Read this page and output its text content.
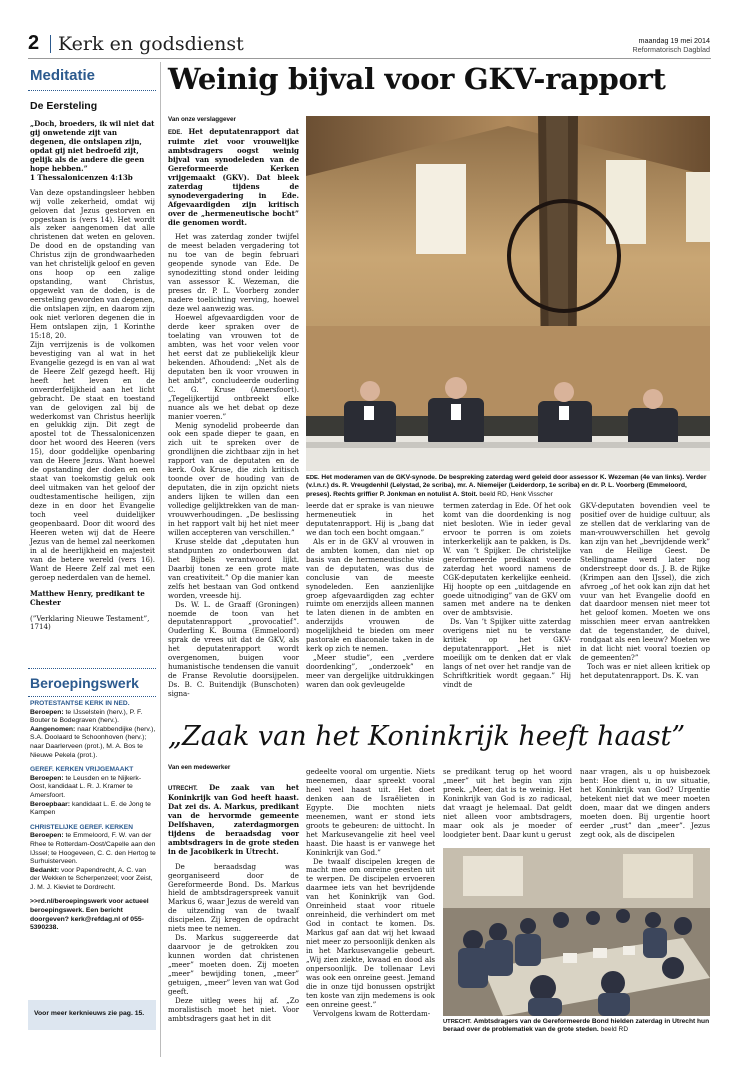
2 Kerk en godsdienst	maandag 19 mei 2014
Reformatorisch Dagblad
Meditatie
De Eersteling

„Doch, broeders, ik wil niet dat gij onwetende zijt van degenen, die ontslapen zijn, opdat gij niet bedroefd zijt, gelijk als de andere die geen hope hebben.”

1 Thessalonicenzen 4:13b

Van deze opstandingsleer hebben wij volle zekerheid, omdat wij geloven dat Jezus gestorven en opgestaan is (vers 14). Het wordt als zeker aangenomen dat alle christenen dat weten en geloven. De dood en de opstanding van Christus zijn de grondwaarheden van het christelijk geloof en geven ons hoop op een zalige opstanding, want Christus, opgewekt van de doden, is de eersteling geworden van degenen, die ontslapen zijn, en daarom zijn ook niet verloren degenen die in Hem ontslapen zijn, 1 Korinthe 15:18, 20.

Zijn verrijzenis is de volkomen bevestiging van al wat in het Evangelie gezegd is en van al wat de Heere Zelf gezegd heeft. Hij heeft het leven en de onverderfelijkheid aan het licht gebracht. De staat en toestand van de gelovigen zal bij de wederkomst van Christus heerlijk en gelukkig zijn. Dit zegt de apostel tot de Thessalonicenzen door het woord des Heeren (vers 15), door goddelijke openbaring van de Heere Jezus. Want hoewel de opstanding der doden en een staat van toekomstig geluk ook deel uitmaken van het geloof der oudtestamentische heiligen, zijn deze in en door het Evangelie toch veel duidelijker geopenbaard. Door dit woord des Heeren weten wij dat de Heere Jezus van de hemel zal neerkomen in al de heerlijkheid en majesteit van de betere wereld (vers 16). Want de Heere Zelf zal met een geroep nederdalen van de hemel.

Matthew Henry, predikant te Chester

(”Verklaring Nieuwe Testament”, 1714)

Beroepingswerk
PROTESTANTSE KERK IN NED.
Beroepen: te IJsselstein (herv.), P. F. Bouter te Bodegraven (herv.).
Aangenomen: naar Krabbendijke (herv.), S.A. Doolaard te Schoonhoven (herv.); naar Daarlerveen (prot.), M. A. Bos te Nieuwe Pekela (prot.).
GEREF. KERKEN VRIJGEMAAKT
Beroepen: te Leusden en te Nijkerk-Oost, kandidaat L. R. J. Kramer te Amersfoort.
Beroepbaar: kandidaat L. E. de Jong te Kampen
CHRISTELIJKE GEREF. KERKEN
Beroepen: te Emmeloord, F. W. van der Rhee te Rotterdam-Oost/Capelle aan den IJssel; te Hoogeveen, C. C. den Hertog te Surhuisterveen.
Bedankt: voor Papendrecht, A. C. van der Wekken te Scherpenzeel; voor Zeist, J. M. J. Kieviet te Dordrecht.
>>rd.nl/beroepingswerk voor actueel beroepingswerk. Een bericht doorgeven? kerk@refdag.nl of 055-5390238.
Voor meer kerknieuws zie pag. 15.
Weinig bijval voor GKV-rapport
Van onze verslaggever

EDE. Het deputatenrapport dat ruimte ziet voor vrouwelijke ambtsdragers oogst weinig bijval van synodeleden van de Gereformeerde Kerken vrijgemaakt (GKV). Dat bleek zaterdag tijdens de synodevergadering in Ede. Afgevaardigden zijn kritisch over de „hermeneutische bocht” die genomen wordt.

Het was zaterdag zonder twijfel de meest beladen vergadering tot nu toe van de begin februari geopende synode van Ede. De synodezitting stond onder leiding van assessor K. Wezeman, die preses dr. P. L. Voorberg zonder nadere toelichting verving, hoewel deze wel aanwezig was.

Hoewel afgevaardigden voor de derde keer spraken over de toelating van vrouwen tot de ambten, was het voor velen voor het eerst dat ze publiekelijk kleur bekenden. Afhoudend: „Net als de deputaten ben ik voor vrouwen in het ambt”, concludeerde ouderling C. G. Kruse (Amersfoort). „Tegelijkertijd ontbreekt elke nuance als we het debat op deze manier voeren.”

Menig synodelid probeerde dan ook een spade dieper te gaan, en zich uit te spreken over de grondlijnen die zichtbaar zijn in het rapport van de deputaten en de kerk. Ook Kruse, die zich kritisch toonde over de houding van de deputaten, die in zijn opzicht niets anders lijken te willen dan een volledige gelijktrekken van de man-vrouwverhoudingen. „De beslissing in het rapport valt bij het niet meer willen accepteren van verschillen.”

Kruse stelde dat „deputaten hun standpunten zo onderbouwen dat het Bijbels verantwoord lijkt. Daarbij tonen ze een grote mate van creativiteit.” Op die manier kan zelfs het bestaan van God ontkend worden, vreesde hij.

Ds. W. L. de Graaff (Groningen) noemde de toon van het deputatenrapport „provocatief”. Ouderling K. Bouma (Emmeloord) sprak de vrees uit dat de GKV, als het deputatenrapport wordt overgenomen, buigen voor humanistische tendensen die vanuit de Franse Revolutie doorsijpelen. Ds. B. C. Buitendijk (Bunschoten) signa-

EDE. Het moderamen van de GKV-synode. De bespreking zaterdag werd geleid door assessor K. Wezeman (4e van links). Verder (v.l.n.r.) ds. R. Vreugdenhil (Lelystad, 2e scriba), mr. A. Niemeijer (Leiderdorp, 1e scriba) en dr. P. L. Voorberg (Emmeloord, preses). Rechts griffier P. Jonkman en notulist A. Stoit. beeld RD, Henk Visscher

leerde dat er sprake is van nieuwe hermeneutiek in het deputatenrapport. Hij is „bang dat we dan toch een bocht omgaan.”

Als er in de GKV al vrouwen in de ambten komen, dan niet op basis van de hermeneutische visie van de deputaten, was dus de conclusie van de meeste synodeleden. Een aanzienlijke groep afgevaardigden zag echter ruimte om enerzijds alleen mannen te laten dienen in de ambten en anderzijds vrouwen de mogelijkheid te bieden om meer pastorale en diaconale taken in de kerk op zich te nemen.

„Meer studie”, een „verdere doordenking”, „onderzoek” en meer van dergelijke uitdrukkingen waren dan ook gevleugelde

termen zaterdag in Ede. Of het ook komt van die doordenking is nog niet besloten. Wie in ieder geval ervoor te porren is om zoiets interkerkelijk aan te pakken, is Ds. W. van ’t Spijker. De christelijke gereformeerde predikant voerde zaterdag het woord namens de CGK-deputaten kerkelijke eenheid. Hij hoopte op een „uitdagende en goede uitnodiging” van de GKV om samen met andere na te denken over de ambtsvisie.

Ds. Van ’t Spijker uitte zaterdag overigens niet nu te verstane kritiek op het GKV-deputatenrapport. „Het is niet moeilijk om te denken dat er vlak langs of net over het randje van de Schriftkritiek wordt gegaan.” Hij vindt de

GKV-deputaten bovendien veel te positief over de huidige cultuur, als ze stellen dat de verklaring van de man-vrouwverschillen het gevolg kan zijn van het „bevrijdende werk” van de Heilige Geest. De Stellingname werd later nog onderstreept door ds. J. B. de Rijke (Krimpen aan den IJssel), die zich afvroeg „of het ook kan zijn dat het vuur van het Evangelie doofd en dat daardoor mensen niet meer tot het geloof komen. Moeten we ons misschien meer ervan aantrekken dat de tegenstander, de duivel, rondgaat als een leeuw? Moeten we in dat licht niet vooral toezien op de gemeenten?”

Toch was er niet alleen kritiek op het deputatenrapport. Ds. K. van

„Zaak van het Koninkrijk heeft haast”
Van een medewerker

UTRECHT. De zaak van het Koninkrijk van God heeft haast. Dat zei ds. A. Markus, predikant van de hervormde gemeente Delfshaven, zaterdagmorgen tijdens de beraadsdag voor ambtsdragers in de grote steden in de Jacobikerk in Utrecht.

De beraadsdag was georganiseerd door de Gereformeerde Bond. Ds. Markus hield de ambtsdragerspreek vanuit Markus 6, waar Jezus de wereld van de uitzending van de twaalf discipelen. Zij kregen de opdracht niets mee te nemen.

Ds. Markus suggereerde dat daarvoor je de getrokken zou kunnen worden dat christenen „meer” moeten doen. Zij moeten „meer” bewijding tonen, „meer” getuigen, „meer” leven van wat God geeft.

Deze uitleg wees hij af. „Zo moralistisch moet het niet. Voor ambtsdragers gaat het in dit

gedeelte vooral om urgentie. Niets meenemen, daar spreekt vooral heel veel haast uit. Het doet denken aan de Israëlieten in Egypte. Die mochten niets meenemen, want er stond iets groots te gebeuren: de uittocht. In het Markusevangelie zit heel veel haast. Die haast is er vanwege het Koninkrijk van God.”

De twaalf discipelen kregen de macht mee om onreine geesten uit te werpen. De discipelen ervoeren daarmee iets van het bevrijdende van het Koninkrijk van God. Onreinheid staat voor rituele onreinheid, die verhindert om met God in contact te komen. Ds. Markus gaf aan dat wij het kwaad niet meer zo persoonlijk denken als in het Markusevangelie gebeurt. „Wij zien ziekte, kwaad en dood als onpersoonlijk. De tollenaar Levi was ook een onreine geest. Jemand die in onze tijd bonussen opstrijkt ten koste van zijn medemens is ook een onreine geest.”

Vervolgens kwam de Rotterdam-

se predikant terug op het woord „meer” uit het begin van zijn preek. „Meer, dat is te weinig. Het Koninkrijk van God is zo radicaal, dat vraagt je helemaal. Dat geldt niet alleen voor ambtsdragers, maar ook als je moeder of loodgieter bent. Daar kunt u gerust

naar vragen, als u op huisbezoek bent: Hoe dient u, in uw situatie, het Koninkrijk van God? Urgentie betekent niet dat we meer moeten doen, maar dat we dingen anders moeten doen. Bij urgentie hoort eerder „rust” dan „meer”. Jezus zegt ook, als de discipelen

UTRECHT. Ambtsdragers van de Gereformeerde Bond hielden zaterdag in Utrecht hun beraad over de problematiek van de grote steden. beeld RD
